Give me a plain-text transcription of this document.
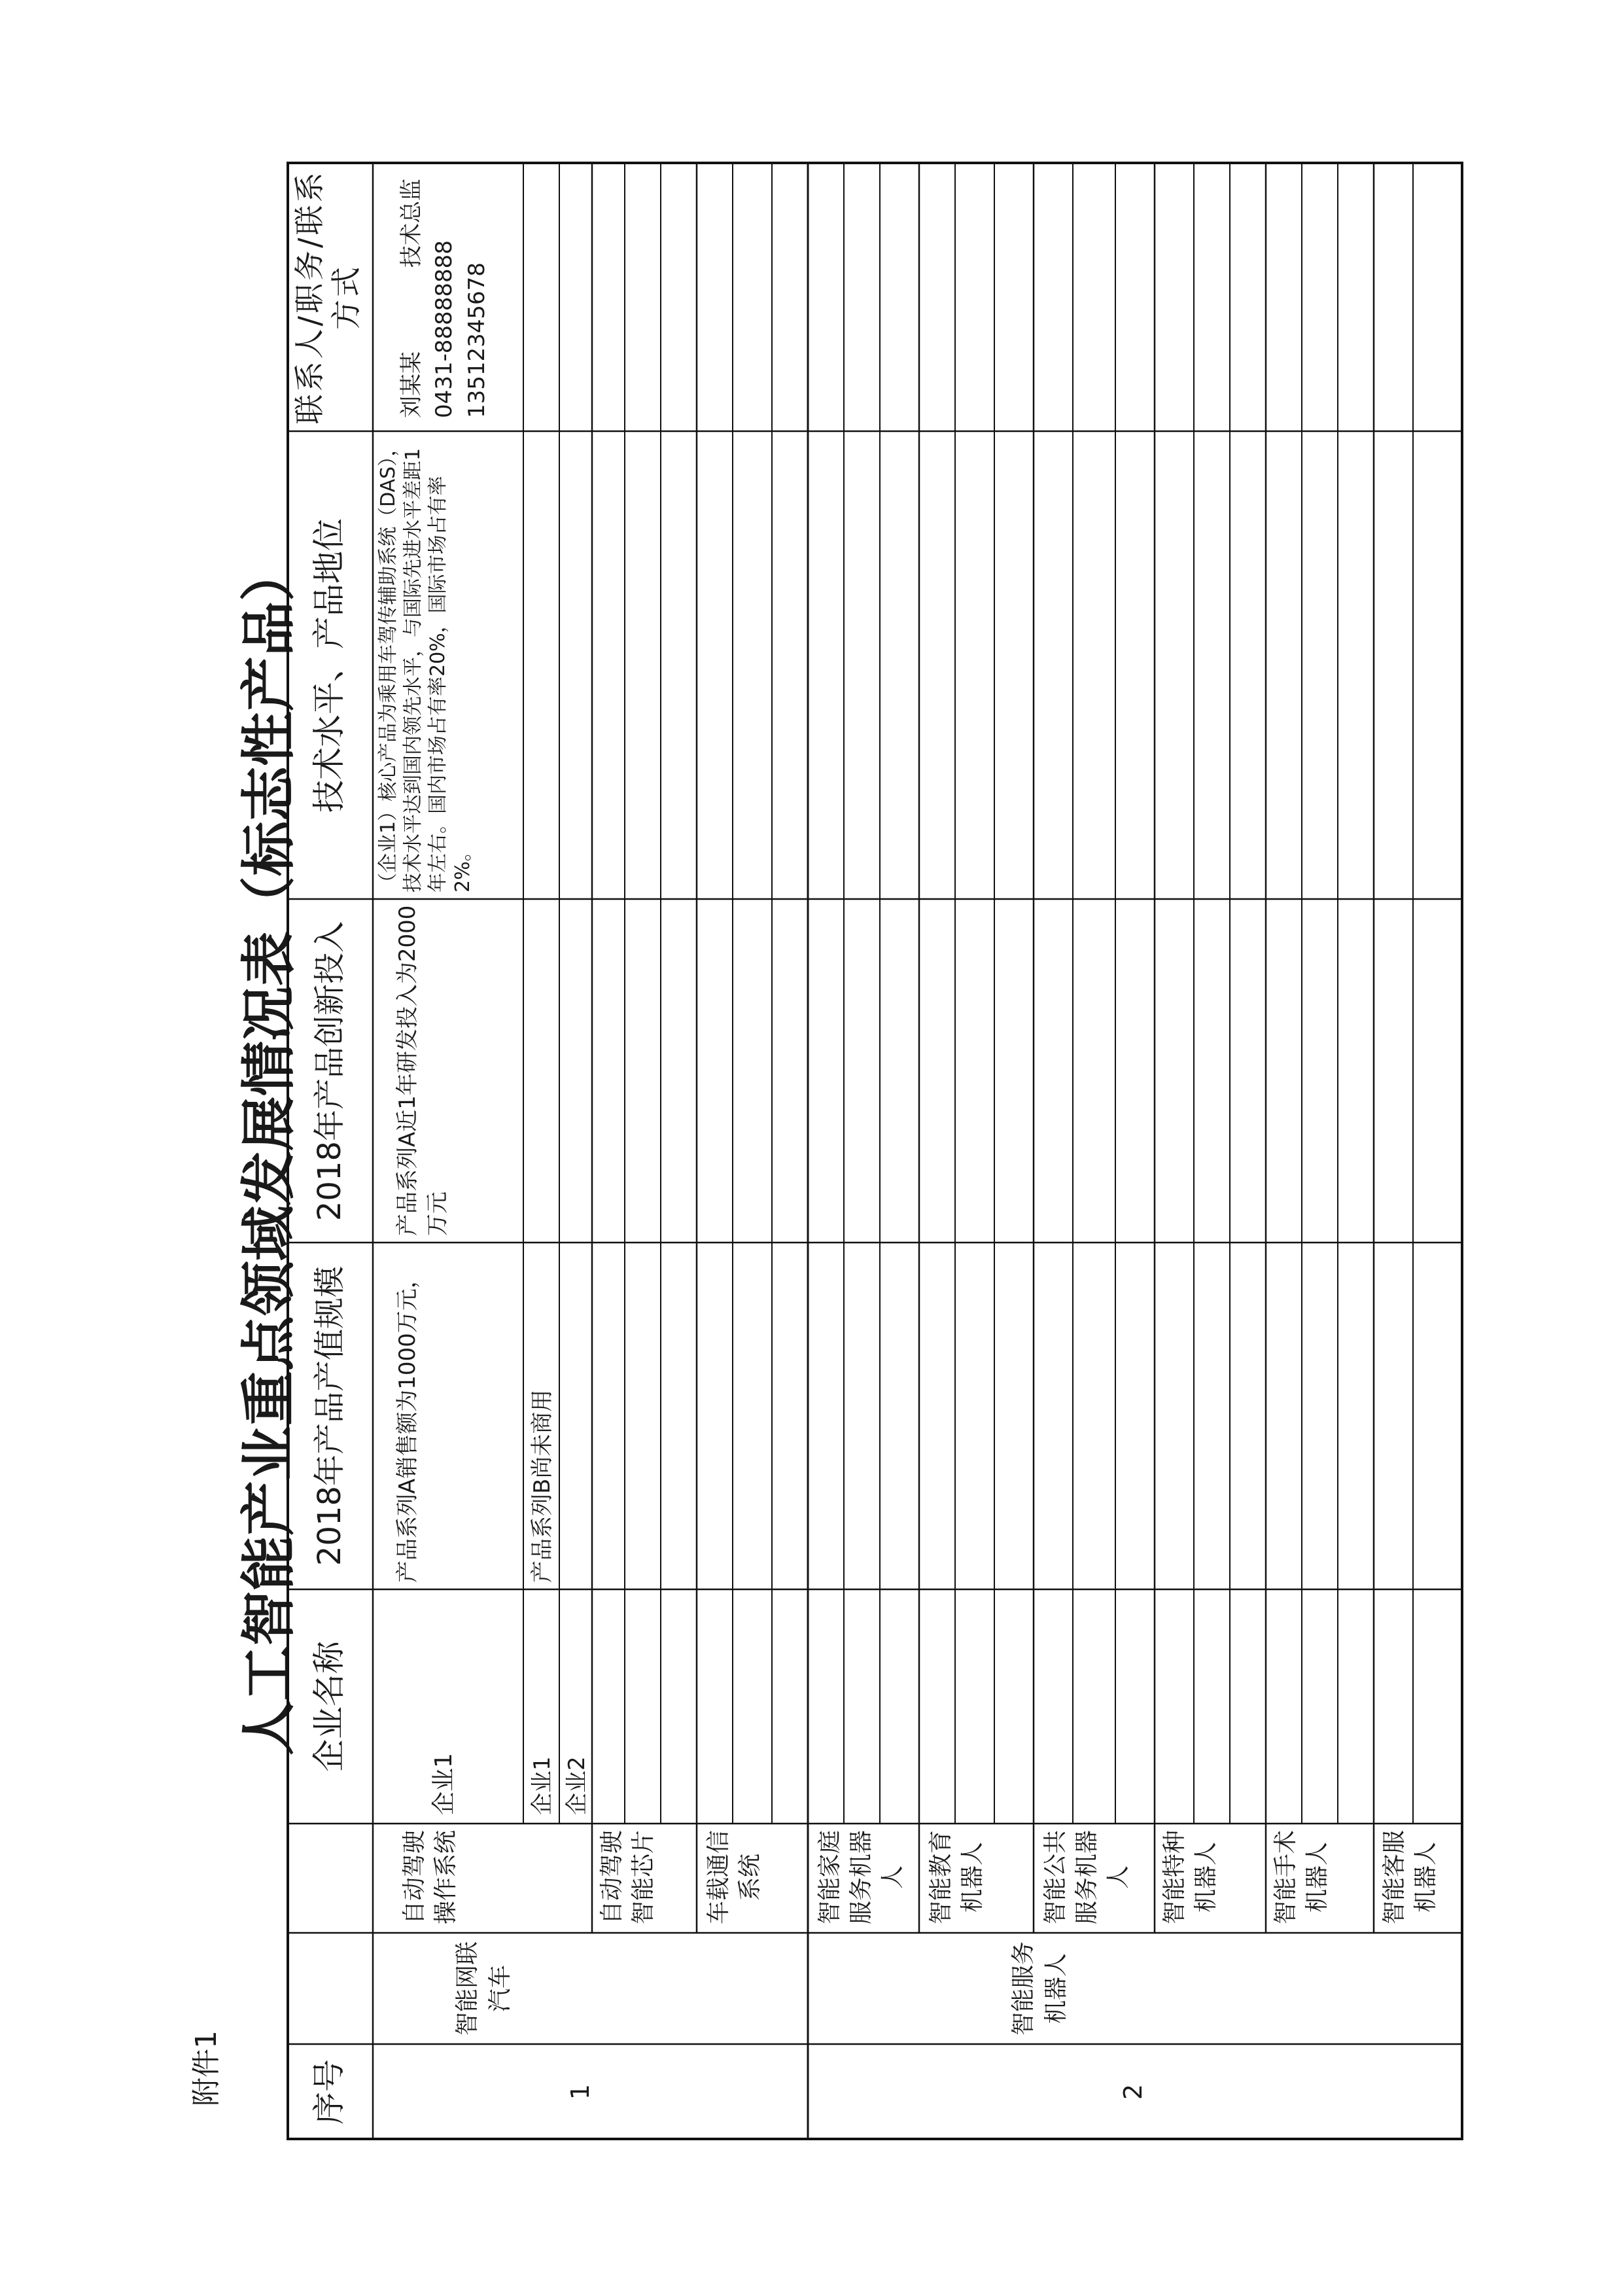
附件1
人工智能产业重点领域发展情况表（标志性产品）
序号
企业名称
2018年产品产值规模
2018年产品创新投入
技术水平、产品地位
联系人/职务/联系方式
1
智能网联汽车
自动驾驶操作系统	自动驾驶智能芯片 车载通信系统
企业1
产品系列A销售额为1000万元，
产品系列A近1年研发投入为2000万元
（企业1）核心产品为乘用车驾传辅助系统（DAS），技术水平达到国内领先水平，与国际先进水平差距1年左右。国内市场占有率20%，国际市场占有率2%。
刘某某
技术总监
0431-88888888 13512345678
企业1
产品系列B尚未商用
企业2
2
智能服务机器人
智能家庭服务机器人 智能教育机器人 智能公共服务机器人 智能特种机器人 智能手术机器人 智能客服机器人
